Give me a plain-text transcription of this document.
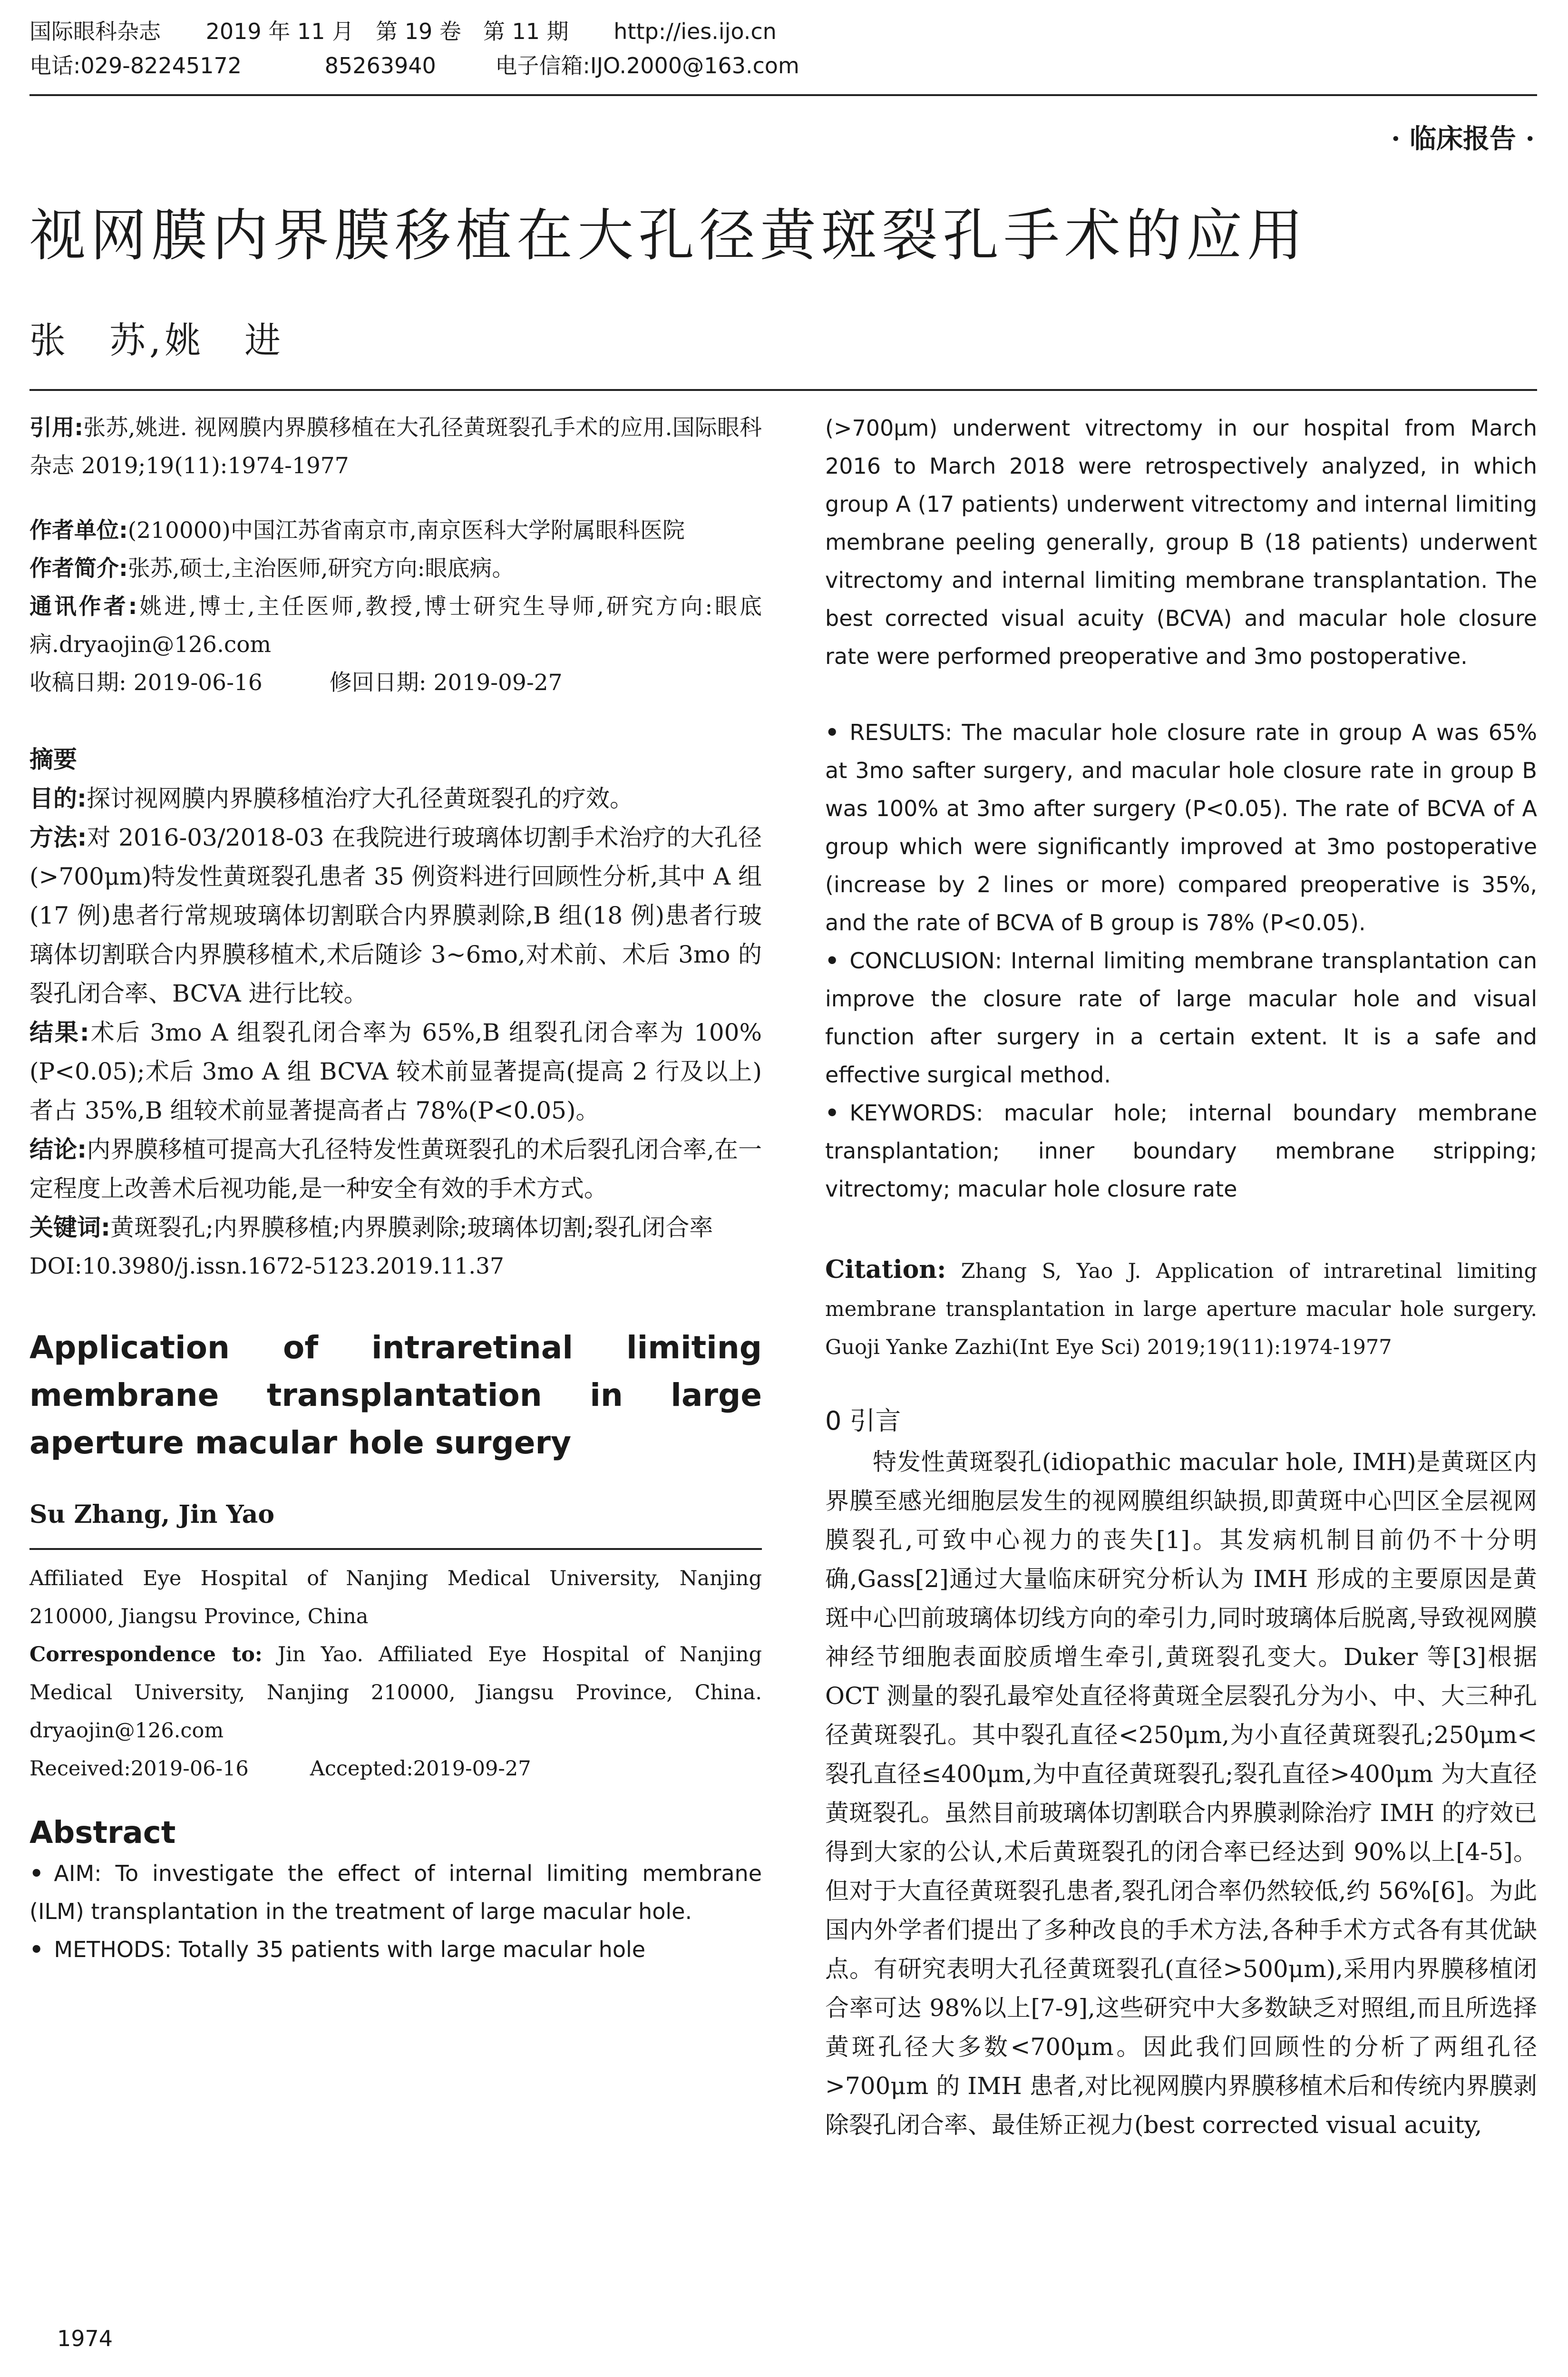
国际眼科杂志 2019 年 11 月　第 19 卷　第 11 期 http://ies.ijo.cn
电话:029-82245172	85263940	电子信箱:IJO.2000@163.com
· 临床报告 ·
视网膜内界膜移植在大孔径黄斑裂孔手术的应用
张　苏,姚　进

引用:张苏,姚进. 视网膜内界膜移植在大孔径黄斑裂孔手术的应用.国际眼科杂志 2019;19(11):1974-1977

作者单位:(210000)中国江苏省南京市,南京医科大学附属眼科医院

作者简介:张苏,硕士,主治医师,研究方向:眼底病。

通讯作者:姚进,博士,主任医师,教授,博士研究生导师,研究方向:眼底病.dryaojin@126.com

收稿日期: 2019-06-16　　　修回日期: 2019-09-27

摘要

目的:探讨视网膜内界膜移植治疗大孔径黄斑裂孔的疗效。

方法:对 2016-03/2018-03 在我院进行玻璃体切割手术治疗的大孔径(>700μm)特发性黄斑裂孔患者 35 例资料进行回顾性分析,其中 A 组(17 例)患者行常规玻璃体切割联合内界膜剥除,B 组(18 例)患者行玻璃体切割联合内界膜移植术,术后随诊 3~6mo,对术前、术后 3mo 的裂孔闭合率、BCVA 进行比较。

结果:术后 3mo A 组裂孔闭合率为 65%,B 组裂孔闭合率为 100%(P<0.05);术后 3mo A 组 BCVA 较术前显著提高(提高 2 行及以上)者占 35%,B 组较术前显著提高者占 78%(P<0.05)。

结论:内界膜移植可提高大孔径特发性黄斑裂孔的术后裂孔闭合率,在一定程度上改善术后视功能,是一种安全有效的手术方式。

关键词:黄斑裂孔;内界膜移植;内界膜剥除;玻璃体切割;裂孔闭合率

DOI:10.3980/j.issn.1672-5123.2019.11.37

Application of intraretinal limiting membrane transplantation in large aperture macular hole surgery

Su Zhang, Jin Yao

Affiliated Eye Hospital of Nanjing Medical University, Nanjing 210000, Jiangsu Province, China

Correspondence to: Jin Yao. Affiliated Eye Hospital of Nanjing Medical University, Nanjing 210000, Jiangsu Province, China. dryaojin@126.com

Received:2019-06-16　　　Accepted:2019-09-27

Abstract

• AIM: To investigate the effect of internal limiting membrane (ILM) transplantation in the treatment of large macular hole.

• METHODS: Totally 35 patients with large macular hole

(>700μm) underwent vitrectomy in our hospital from March 2016 to March 2018 were retrospectively analyzed, in which group A (17 patients) underwent vitrectomy and internal limiting membrane peeling generally, group B (18 patients) underwent vitrectomy and internal limiting membrane transplantation. The best corrected visual acuity (BCVA) and macular hole closure rate were performed preoperative and 3mo postoperative.

• RESULTS: The macular hole closure rate in group A was 65% at 3mo safter surgery, and macular hole closure rate in group B was 100% at 3mo after surgery (P<0.05). The rate of BCVA of A group which were significantly improved at 3mo postoperative (increase by 2 lines or more) compared preoperative is 35%, and the rate of BCVA of B group is 78% (P<0.05).

• CONCLUSION: Internal limiting membrane transplantation can improve the closure rate of large macular hole and visual function after surgery in a certain extent. It is a safe and effective surgical method.

• KEYWORDS: macular hole; internal boundary membrane transplantation; inner boundary membrane stripping; vitrectomy; macular hole closure rate

Citation: Zhang S, Yao J. Application of intraretinal limiting membrane transplantation in large aperture macular hole surgery. Guoji Yanke Zazhi(Int Eye Sci) 2019;19(11):1974-1977

0 引言

特发性黄斑裂孔(idiopathic macular hole, IMH)是黄斑区内界膜至感光细胞层发生的视网膜组织缺损,即黄斑中心凹区全层视网膜裂孔,可致中心视力的丧失[1]。其发病机制目前仍不十分明确,Gass[2]通过大量临床研究分析认为 IMH 形成的主要原因是黄斑中心凹前玻璃体切线方向的牵引力,同时玻璃体后脱离,导致视网膜神经节细胞表面胶质增生牵引,黄斑裂孔变大。Duker 等[3]根据 OCT 测量的裂孔最窄处直径将黄斑全层裂孔分为小、中、大三种孔径黄斑裂孔。其中裂孔直径<250μm,为小直径黄斑裂孔;250μm<裂孔直径≤400μm,为中直径黄斑裂孔;裂孔直径>400μm 为大直径黄斑裂孔。虽然目前玻璃体切割联合内界膜剥除治疗 IMH 的疗效已得到大家的公认,术后黄斑裂孔的闭合率已经达到 90%以上[4-5]。但对于大直径黄斑裂孔患者,裂孔闭合率仍然较低,约 56%[6]。为此国内外学者们提出了多种改良的手术方法,各种手术方式各有其优缺点。有研究表明大孔径黄斑裂孔(直径>500μm),采用内界膜移植闭合率可达 98%以上[7-9],这些研究中大多数缺乏对照组,而且所选择黄斑孔径大多数<700μm。因此我们回顾性的分析了两组孔径>700μm 的 IMH 患者,对比视网膜内界膜移植术后和传统内界膜剥除裂孔闭合率、最佳矫正视力(best corrected visual acuity,

1974
